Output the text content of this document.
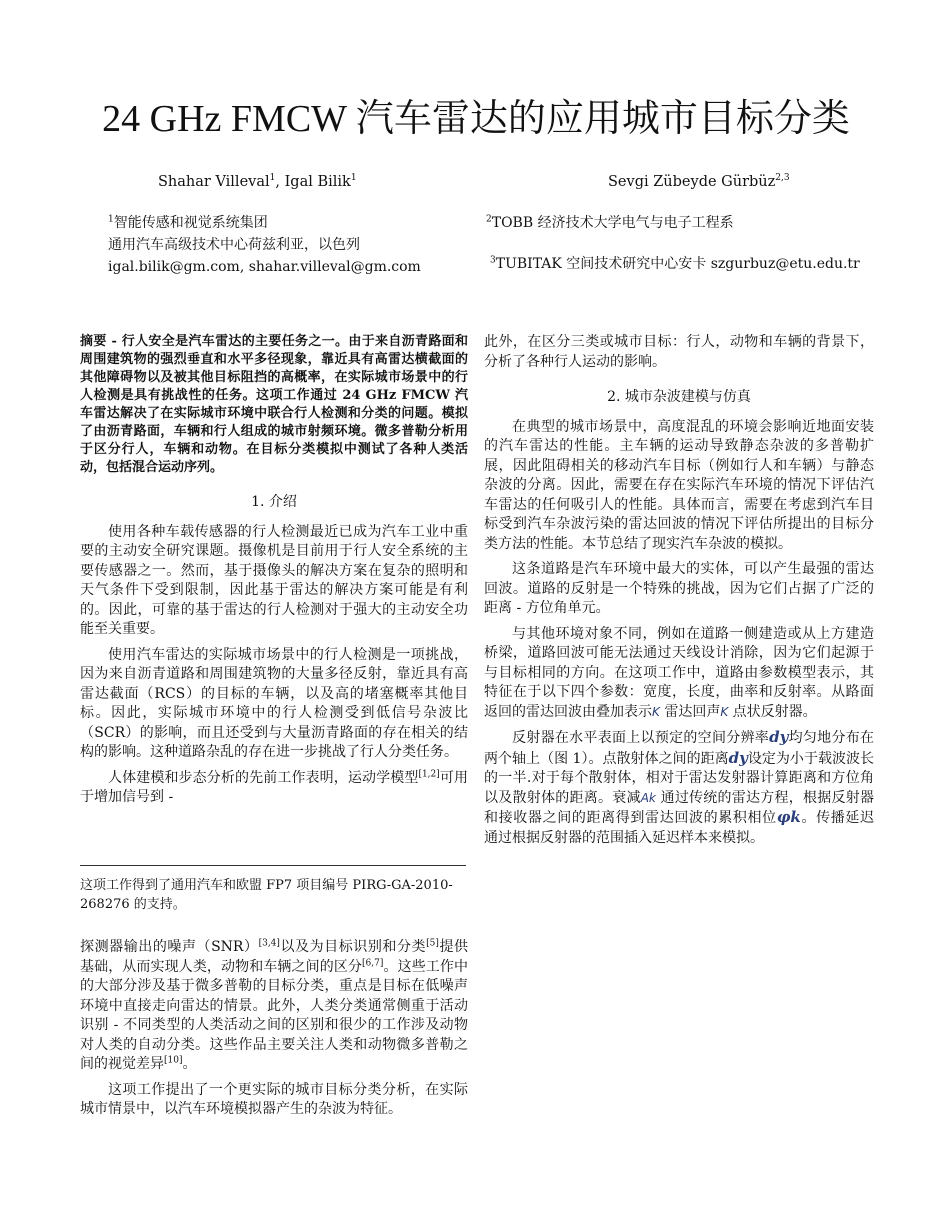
24 GHz FMCW 汽车雷达的应用城市目标分类
Shahar Villeval$^1$, Igal Bilik$^1$	Sevgi Zübeyde Gürbüz$^{2,3}$
$^1$智能传感和视觉系统集团
通用汽车高级技术中心荷兹利亚，以色列
igal.bilik@gm.com, shahar.villeval@gm.com
$^2$TOBB 经济技术大学电气与电子工程系
$^3$TUBITAK 空间技术研究中心安卡 szgurbuz@etu.edu.tr
摘要 - 行人安全是汽车雷达的主要任务之一。由于来自沥青路面和周围建筑物的强烈垂直和水平多径现象，靠近具有高雷达横截面的其他障碍物以及被其他目标阻挡的高概率，在实际城市场景中的行人检测是具有挑战性的任务。这项工作通过 24 GHz FMCW 汽车雷达解决了在实际城市环境中联合行人检测和分类的问题。模拟了由沥青路面，车辆和行人组成的城市射频环境。微多普勒分析用于区分行人，车辆和动物。在目标分类模拟中测试了各种人类活动，包括混合运动序列。
1. 介绍

使用各种车载传感器的行人检测最近已成为汽车工业中重要的主动安全研究课题。摄像机是目前用于行人安全系统的主要传感器之一。然而，基于摄像头的解决方案在复杂的照明和天气条件下受到限制，因此基于雷达的解决方案可能是有利的。因此，可靠的基于雷达的行人检测对于强大的主动安全功能至关重要。

使用汽车雷达的实际城市场景中的行人检测是一项挑战，因为来自沥青道路和周围建筑物的大量多径反射，靠近具有高雷达截面（RCS）的目标的车辆，以及高的堵塞概率其他目标。因此，实际城市环境中的行人检测受到低信号杂波比（SCR）的影响，而且还受到与大量沥青路面的存在相关的结构的影响。这种道路杂乱的存在进一步挑战了行人分类任务。

人体建模和步态分析的先前工作表明，运动学模型[1,2]可用于增加信号到 -

这项工作得到了通用汽车和欧盟 FP7 项目编号 PIRG-GA-2010-268276 的支持。

探测器输出的噪声（SNR）[3,4]以及为目标识别和分类[5]提供基础，从而实现人类，动物和车辆之间的区分[6,7]。这些工作中的大部分涉及基于微多普勒的目标分类，重点是目标在低噪声环境中直接走向雷达的情景。此外，人类分类通常侧重于活动识别 - 不同类型的人类活动之间的区别和很少的工作涉及动物对人类的自动分类。这些作品主要关注人类和动物微多普勒之间的视觉差异[10]。

这项工作提出了一个更实际的城市目标分类分析，在实际城市情景中，以汽车环境模拟器产生的杂波为特征。

此外，在区分三类或城市目标：行人，动物和车辆的背景下，分析了各种行人运动的影响。

2. 城市杂波建模与仿真

在典型的城市场景中，高度混乱的环境会影响近地面安装的汽车雷达的性能。主车辆的运动导致静态杂波的多普勒扩展，因此阻碍相关的移动汽车目标（例如行人和车辆）与静态杂波的分离。因此，需要在存在实际汽车环境的情况下评估汽车雷达的任何吸引人的性能。具体而言，需要在考虑到汽车目标受到汽车杂波污染的雷达回波的情况下评估所提出的目标分类方法的性能。本节总结了现实汽车杂波的模拟。

这条道路是汽车环境中最大的实体，可以产生最强的雷达回波。道路的反射是一个特殊的挑战，因为它们占据了广泛的距离 - 方位角单元。

与其他环境对象不同，例如在道路一侧建造或从上方建造桥梁，道路回波可能无法通过天线设计消除，因为它们起源于与目标相同的方向。在这项工作中，道路由参数模型表示，其特征在于以下四个参数：宽度，长度，曲率和反射率。从路面返回的雷达回波由叠加表示K 雷达回声K 点状反射器。

反射器在水平表面上以预定的空间分辨率dy均匀地分布在两个轴上（图 1）。点散射体之间的距离dy设定为小于载波波长的一半.对于每个散射体，相对于雷达发射器计算距离和方位角以及散射体的距离。衰减Ak 通过传统的雷达方程，根据反射器和接收器之间的距离得到雷达回波的累积相位φk。传播延迟 通过根据反射器的范围插入延迟样本来模拟。
